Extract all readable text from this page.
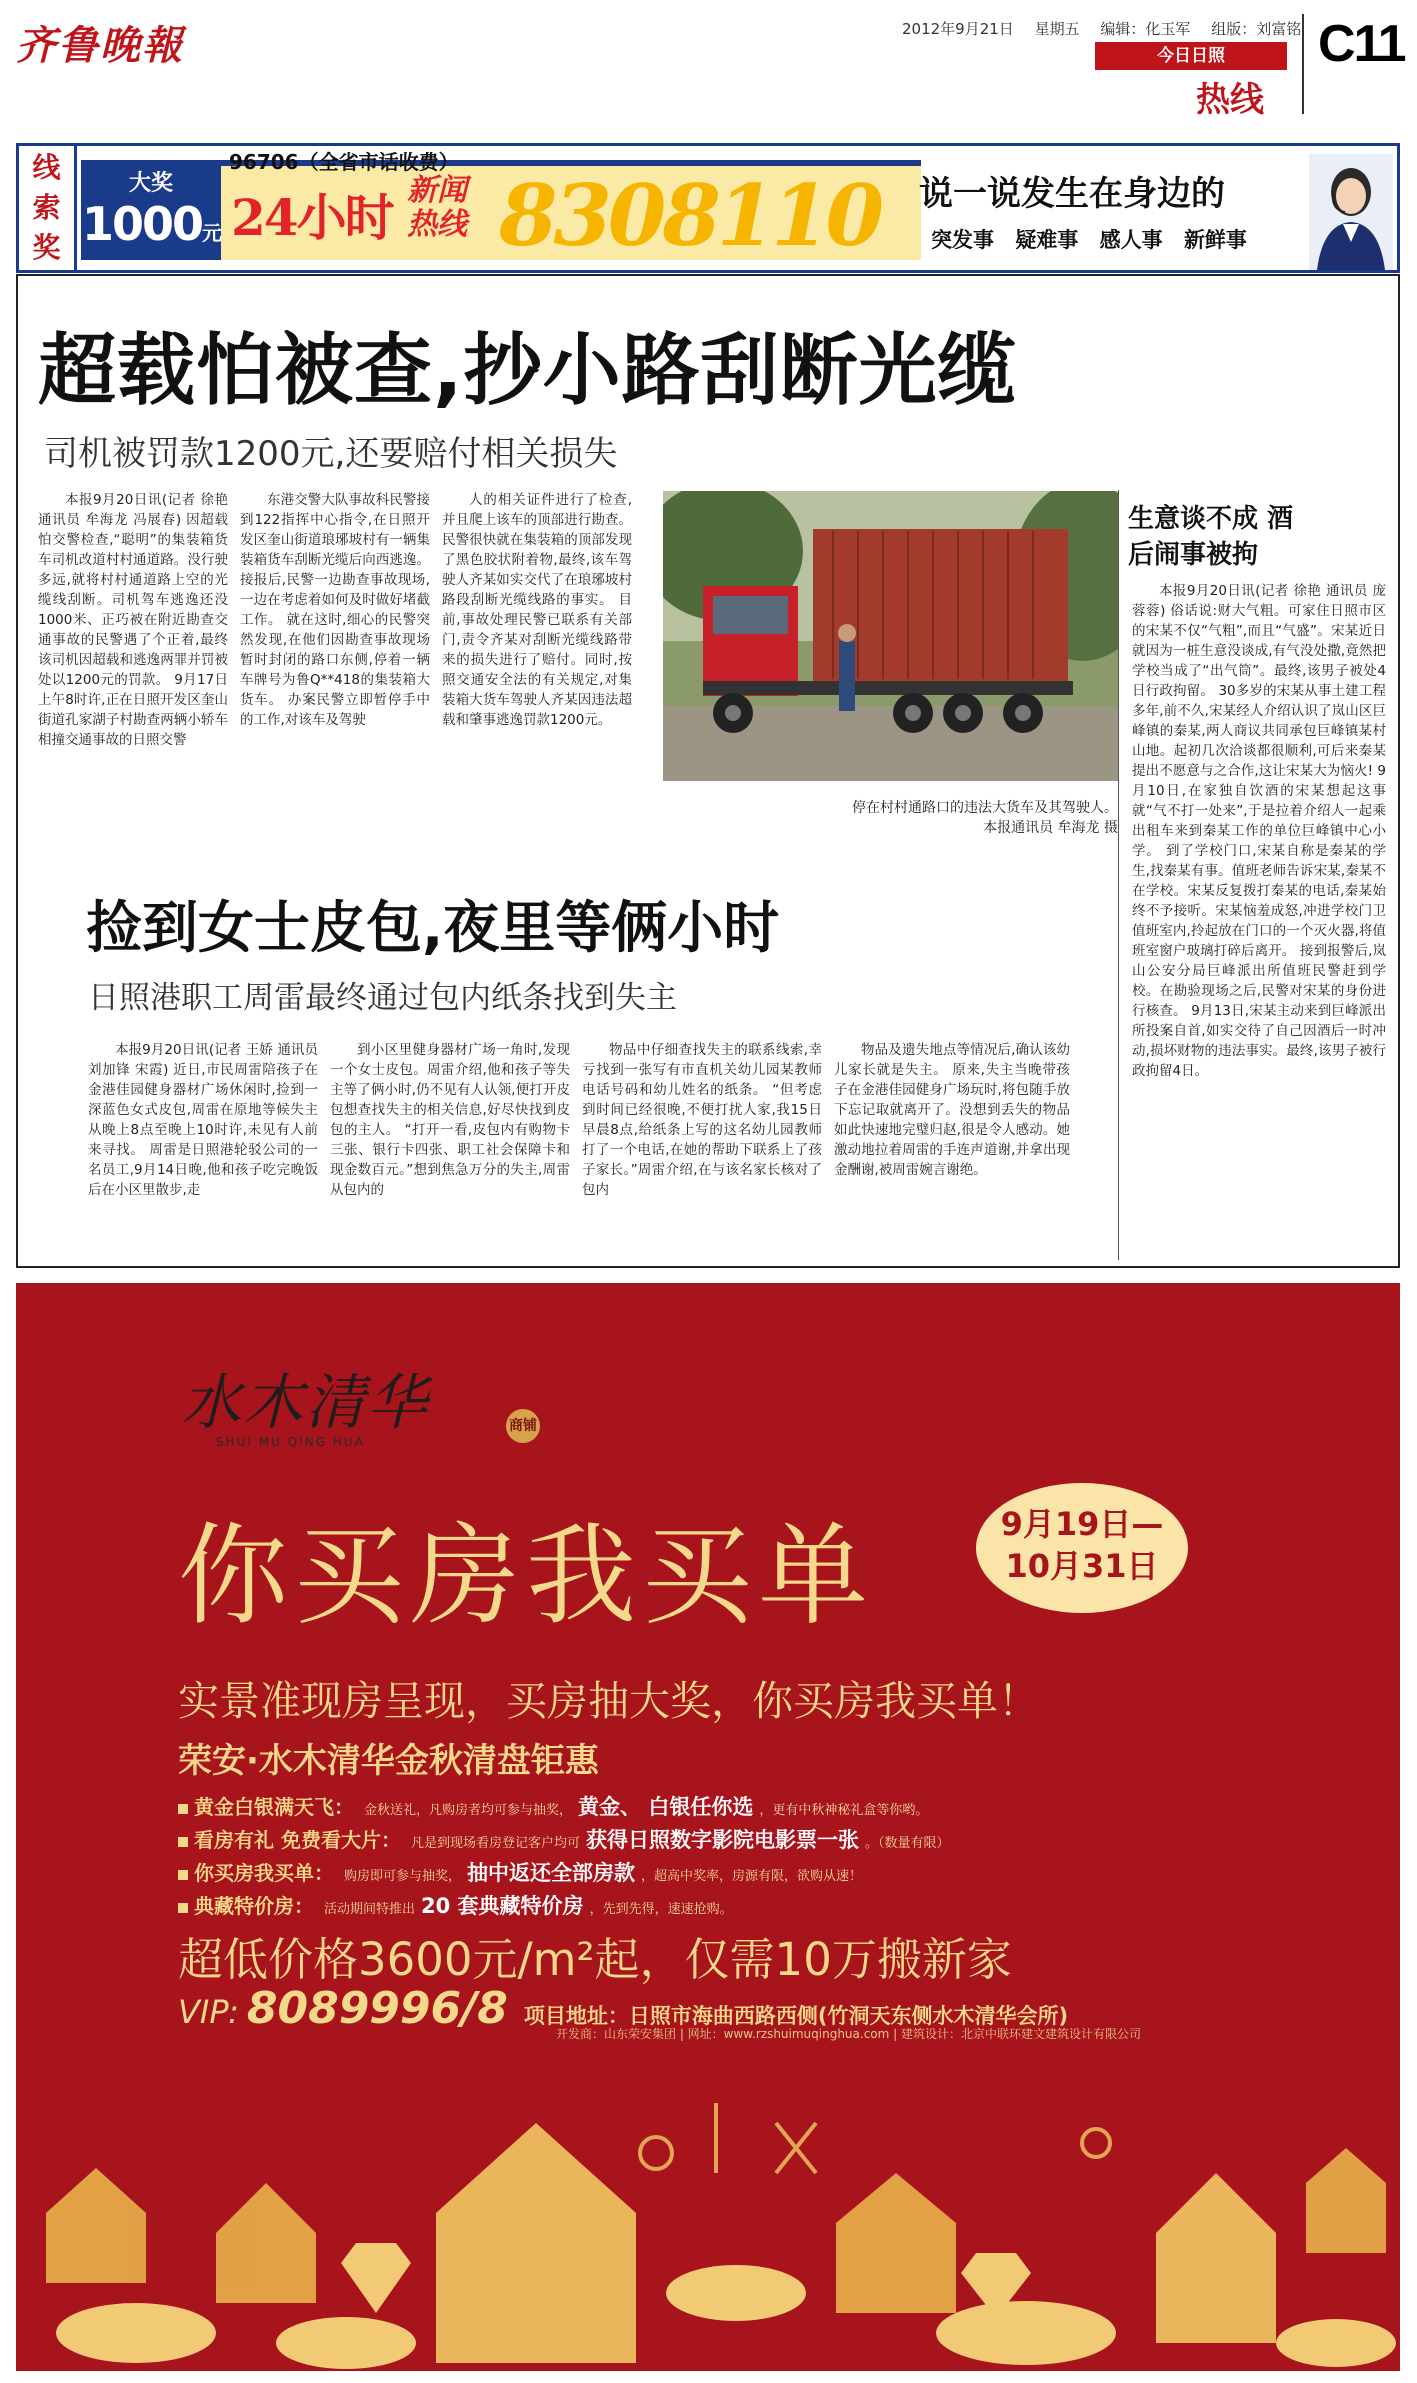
齐鲁晚報	2012年9月21日 星期五 编辑：化玉军 组版：刘富铭
今日日照
热线
C11
线索奖
大奖
1000元
96706（全省市话收费）
24小时 新闻热线 8308110 说一说发生在身边的
突发事 疑难事 感人事 新鲜事
超载怕被查,抄小路刮断光缆
司机被罚款1200元,还要赔付相关损失

本报9月20日讯(记者 徐艳 通讯员 牟海龙 冯展春) 因超载怕交警检查,“聪明”的集装箱货车司机改道村村通道路。没行驶多远,就将村村通道路上空的光缆线刮断。司机驾车逃逸还没1000米、正巧被在附近勘查交通事故的民警遇了个正着,最终该司机因超载和逃逸两罪并罚被处以1200元的罚款。 9月17日上午8时许,正在日照开发区奎山街道孔家湖子村勘查两辆小轿车相撞交通事故的日照交警

东港交警大队事故科民警接到122指挥中心指令,在日照开发区奎山街道琅琊坡村有一辆集装箱货车刮断光缆后向西逃逸。 接报后,民警一边勘查事故现场,一边在考虑着如何及时做好堵截工作。 就在这时,细心的民警突然发现,在他们因勘查事故现场暂时封闭的路口东侧,停着一辆车牌号为鲁Q**418的集装箱大货车。 办案民警立即暂停手中的工作,对该车及驾驶

人的相关证件进行了检查,并且爬上该车的顶部进行勘查。 民警很快就在集装箱的顶部发现了黑色胶状附着物,最终,该车驾驶人齐某如实交代了在琅琊坡村路段刮断光缆线路的事实。 目前,事故处理民警已联系有关部门,责令齐某对刮断光缆线路带来的损失进行了赔付。同时,按照交通安全法的有关规定,对集装箱大货车驾驶人齐某因违法超载和肇事逃逸罚款1200元。

停在村村通路口的违法大货车及其驾驶人。
本报通讯员 牟海龙 摄
生意谈不成 酒后闹事被拘

本报9月20日讯(记者 徐艳 通讯员 庞蓉蓉) 俗话说:财大气粗。可家住日照市区的宋某不仅“气粗”,而且“气盛”。宋某近日就因为一桩生意没谈成,有气没处撒,竟然把学校当成了“出气筒”。最终,该男子被处4日行政拘留。 30多岁的宋某从事土建工程多年,前不久,宋某经人介绍认识了岚山区巨峰镇的秦某,两人商议共同承包巨峰镇某村山地。起初几次洽谈都很顺利,可后来秦某提出不愿意与之合作,这让宋某大为恼火! 9月10日,在家独自饮酒的宋某想起这事就“气不打一处来”,于是拉着介绍人一起乘出租车来到秦某工作的单位巨峰镇中心小学。 到了学校门口,宋某自称是秦某的学生,找秦某有事。值班老师告诉宋某,秦某不在学校。宋某反复拨打秦某的电话,秦某始终不予接听。宋某恼羞成怒,冲进学校门卫值班室内,拎起放在门口的一个灭火器,将值班室窗户玻璃打碎后离开。 接到报警后,岚山公安分局巨峰派出所值班民警赶到学校。在勘验现场之后,民警对宋某的身份进行核查。 9月13日,宋某主动来到巨峰派出所投案自首,如实交待了自己因酒后一时冲动,损坏财物的违法事实。最终,该男子被行政拘留4日。

捡到女士皮包,夜里等俩小时
日照港职工周雷最终通过包内纸条找到失主

本报9月20日讯(记者 王娇 通讯员 刘加锋 宋霞) 近日,市民周雷陪孩子在金港佳园健身器材广场休闲时,捡到一深蓝色女式皮包,周雷在原地等候失主从晚上8点至晚上10时许,未见有人前来寻找。 周雷是日照港轮驳公司的一名员工,9月14日晚,他和孩子吃完晚饭后在小区里散步,走

到小区里健身器材广场一角时,发现一个女士皮包。周雷介绍,他和孩子等失主等了俩小时,仍不见有人认领,便打开皮包想查找失主的相关信息,好尽快找到皮包的主人。 “打开一看,皮包内有购物卡三张、银行卡四张、职工社会保障卡和现金数百元。”想到焦急万分的失主,周雷从包内的

物品中仔细查找失主的联系线索,幸亏找到一张写有市直机关幼儿园某教师电话号码和幼儿姓名的纸条。 “但考虑到时间已经很晚,不便打扰人家,我15日早晨8点,给纸条上写的这名幼儿园教师打了一个电话,在她的帮助下联系上了孩子家长。”周雷介绍,在与该名家长核对了包内

物品及遗失地点等情况后,确认该幼儿家长就是失主。 原来,失主当晚带孩子在金港佳园健身广场玩时,将包随手放下忘记取就离开了。没想到丢失的物品如此快速地完璧归赵,很是令人感动。她激动地拉着周雷的手连声道谢,并拿出现金酬谢,被周雷婉言谢绝。

水木清华
SHUI MU QING HUA
商铺
你买房我买单	9月19日—
10月31日
实景准现房呈现，买房抽大奖，你买房我买单！
荣安·水木清华金秋清盘钜惠
黄金白银满天飞： 金秋送礼，凡购房者均可参与抽奖， 黄金、 白银任你选 ，更有中秋神秘礼盒等你哟。
看房有礼 免费看大片： 凡是到现场看房登记客户均可 获得日照数字影院电影票一张 。（数量有限）
你买房我买单： 购房即可参与抽奖， 抽中返还全部房款 ，超高中奖率，房源有限，欲购从速！
典藏特价房： 活动期间特推出 20 套典藏特价房 ，先到先得，速速抢购。
超低价格3600元/m²起，仅需10万搬新家
VIP: 8089996/8 项目地址：日照市海曲西路西侧(竹洞天东侧水木清华会所)
开发商：山东荣安集团 | 网址：www.rzshuimuqinghua.com | 建筑设计：北京中联环建文建筑设计有限公司
